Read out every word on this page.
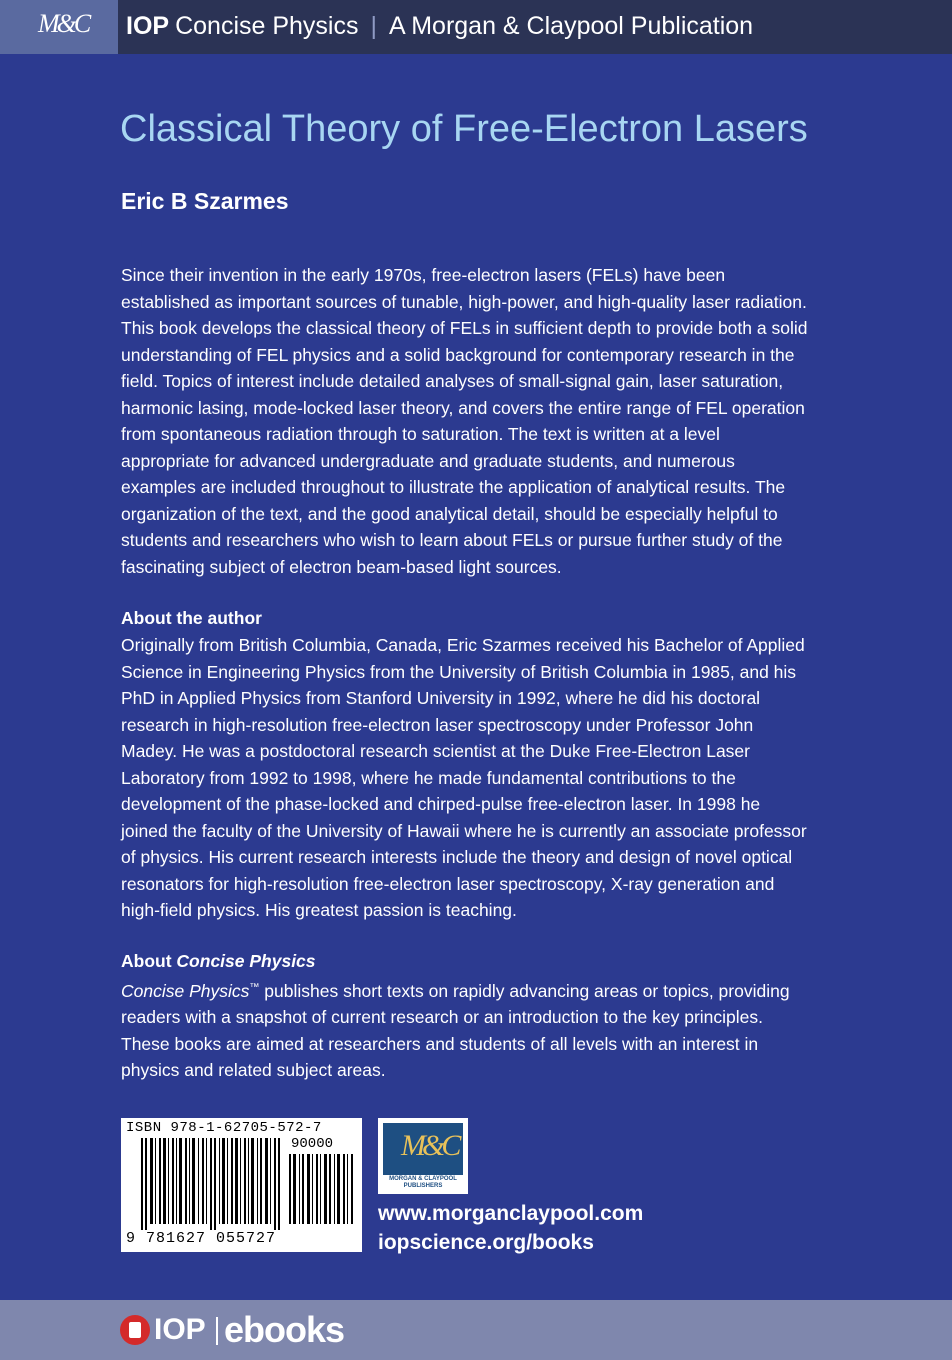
M&C IOP Concise Physics | A Morgan & Claypool Publication
Classical Theory of Free-Electron Lasers
Eric B Szarmes

Since their invention in the early 1970s, free-electron lasers (FELs) have been established as important sources of tunable, high-power, and high-quality laser radiation. This book develops the classical theory of FELs in sufficient depth to provide both a solid understanding of FEL physics and a solid background for contemporary research in the field. Topics of interest include detailed analyses of small-signal gain, laser saturation, harmonic lasing, mode-locked laser theory, and covers the entire range of FEL operation from spontaneous radiation through to saturation. The text is written at a level appropriate for advanced undergraduate and graduate students, and numerous examples are included throughout to illustrate the application of analytical results. The organization of the text, and the good analytical detail, should be especially helpful to students and researchers who wish to learn about FELs or pursue further study of the fascinating subject of electron beam-based light sources.

About the author

Originally from British Columbia, Canada, Eric Szarmes received his Bachelor of Applied Science in Engineering Physics from the University of British Columbia in 1985, and his PhD in Applied Physics from Stanford University in 1992, where he did his doctoral research in high-resolution free-electron laser spectroscopy under Professor John Madey. He was a postdoctoral research scientist at the Duke Free-Electron Laser Laboratory from 1992 to 1998, where he made fundamental contributions to the development of the phase-locked and chirped-pulse free-electron laser. In 1998 he joined the faculty of the University of Hawaii where he is currently an associate professor of physics. His current research interests include the theory and design of novel optical resonators for high-resolution free-electron laser spectroscopy, X-ray generation and high-field physics. His greatest passion is teaching.

About Concise Physics

Concise Physics™ publishes short texts on rapidly advancing areas or topics, providing readers with a snapshot of current research or an introduction to the key principles. These books are aimed at researchers and students of all levels with an interest in physics and related subject areas.

ISBN 978-1-62705-572-7
90000
9 781627 055727
M&C
MORGAN & CLAYPOOL PUBLISHERS
www.morganclaypool.com
iopscience.org/books
IOP ebooks
